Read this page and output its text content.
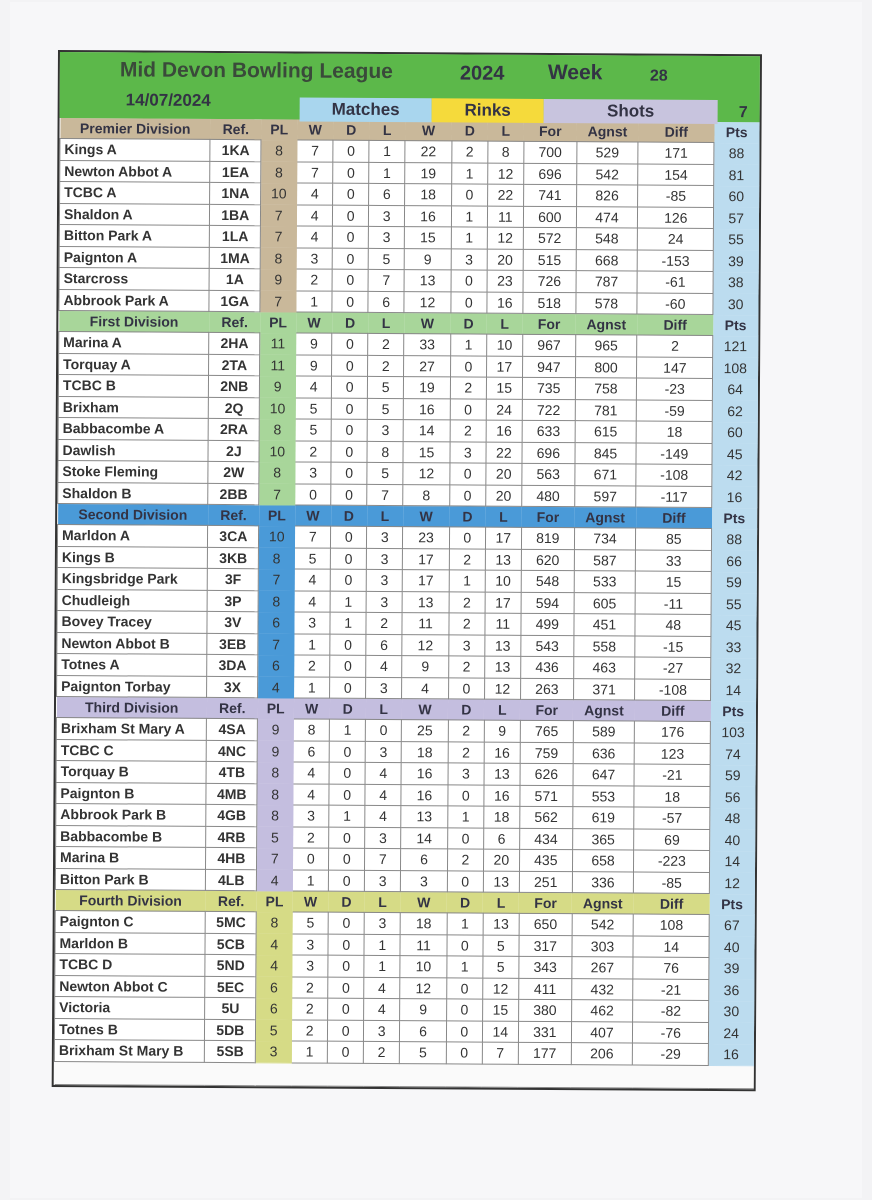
Mid Devon Bowling League
14/07/2024
2024 Week	28
Matches	Rinks	Shots	7
Premier Division	Ref.	PL	W	D	L	W	D	L	For	Agnst	Diff	Pts
Kings A	1KA	8	7	0	1	22	2	8	700	529	171	88
Newton Abbot A	1EA	8	7	0	1	19	1	12	696	542	154	81
TCBC A	1NA	10	4	0	6	18	0	22	741	826	-85	60
Shaldon A	1BA	7	4	0	3	16	1	11	600	474	126	57
Bitton Park A	1LA	7	4	0	3	15	1	12	572	548	24	55
Paignton A	1MA	8	3	0	5	9	3	20	515	668	-153	39
Starcross	1A	9	2	0	7	13	0	23	726	787	-61	38
Abbrook Park A	1GA	7	1	0	6	12	0	16	518	578	-60	30
First Division	Ref.	PL	W	D	L	W	D	L	For	Agnst	Diff	Pts
Marina A	2HA	11	9	0	2	33	1	10	967	965	2	121
Torquay A	2TA	11	9	0	2	27	0	17	947	800	147	108
TCBC B	2NB	9	4	0	5	19	2	15	735	758	-23	64
Brixham	2Q	10	5	0	5	16	0	24	722	781	-59	62
Babbacombe A	2RA	8	5	0	3	14	2	16	633	615	18	60
Dawlish	2J	10	2	0	8	15	3	22	696	845	-149	45
Stoke Fleming	2W	8	3	0	5	12	0	20	563	671	-108	42
Shaldon B	2BB	7	0	0	7	8	0	20	480	597	-117	16
Second Division	Ref.	PL	W	D	L	W	D	L	For	Agnst	Diff	Pts
Marldon A	3CA	10	7	0	3	23	0	17	819	734	85	88
Kings B	3KB	8	5	0	3	17	2	13	620	587	33	66
Kingsbridge Park	3F	7	4	0	3	17	1	10	548	533	15	59
Chudleigh	3P	8	4	1	3	13	2	17	594	605	-11	55
Bovey Tracey	3V	6	3	1	2	11	2	11	499	451	48	45
Newton Abbot B	3EB	7	1	0	6	12	3	13	543	558	-15	33
Totnes A	3DA	6	2	0	4	9	2	13	436	463	-27	32
Paignton Torbay	3X	4	1	0	3	4	0	12	263	371	-108	14
Third Division	Ref.	PL	W	D	L	W	D	L	For	Agnst	Diff	Pts
Brixham St Mary A	4SA	9	8	1	0	25	2	9	765	589	176	103
TCBC C	4NC	9	6	0	3	18	2	16	759	636	123	74
Torquay B	4TB	8	4	0	4	16	3	13	626	647	-21	59
Paignton B	4MB	8	4	0	4	16	0	16	571	553	18	56
Abbrook Park B	4GB	8	3	1	4	13	1	18	562	619	-57	48
Babbacombe B	4RB	5	2	0	3	14	0	6	434	365	69	40
Marina B	4HB	7	0	0	7	6	2	20	435	658	-223	14
Bitton Park B	4LB	4	1	0	3	3	0	13	251	336	-85	12
Fourth Division	Ref.	PL	W	D	L	W	D	L	For	Agnst	Diff	Pts
Paignton C	5MC	8	5	0	3	18	1	13	650	542	108	67
Marldon B	5CB	4	3	0	1	11	0	5	317	303	14	40
TCBC D	5ND	4	3	0	1	10	1	5	343	267	76	39
Newton Abbot C	5EC	6	2	0	4	12	0	12	411	432	-21	36
Victoria	5U	6	2	0	4	9	0	15	380	462	-82	30
Totnes B	5DB	5	2	0	3	6	0	14	331	407	-76	24
Brixham St Mary B	5SB	3	1	0	2	5	0	7	177	206	-29	16
